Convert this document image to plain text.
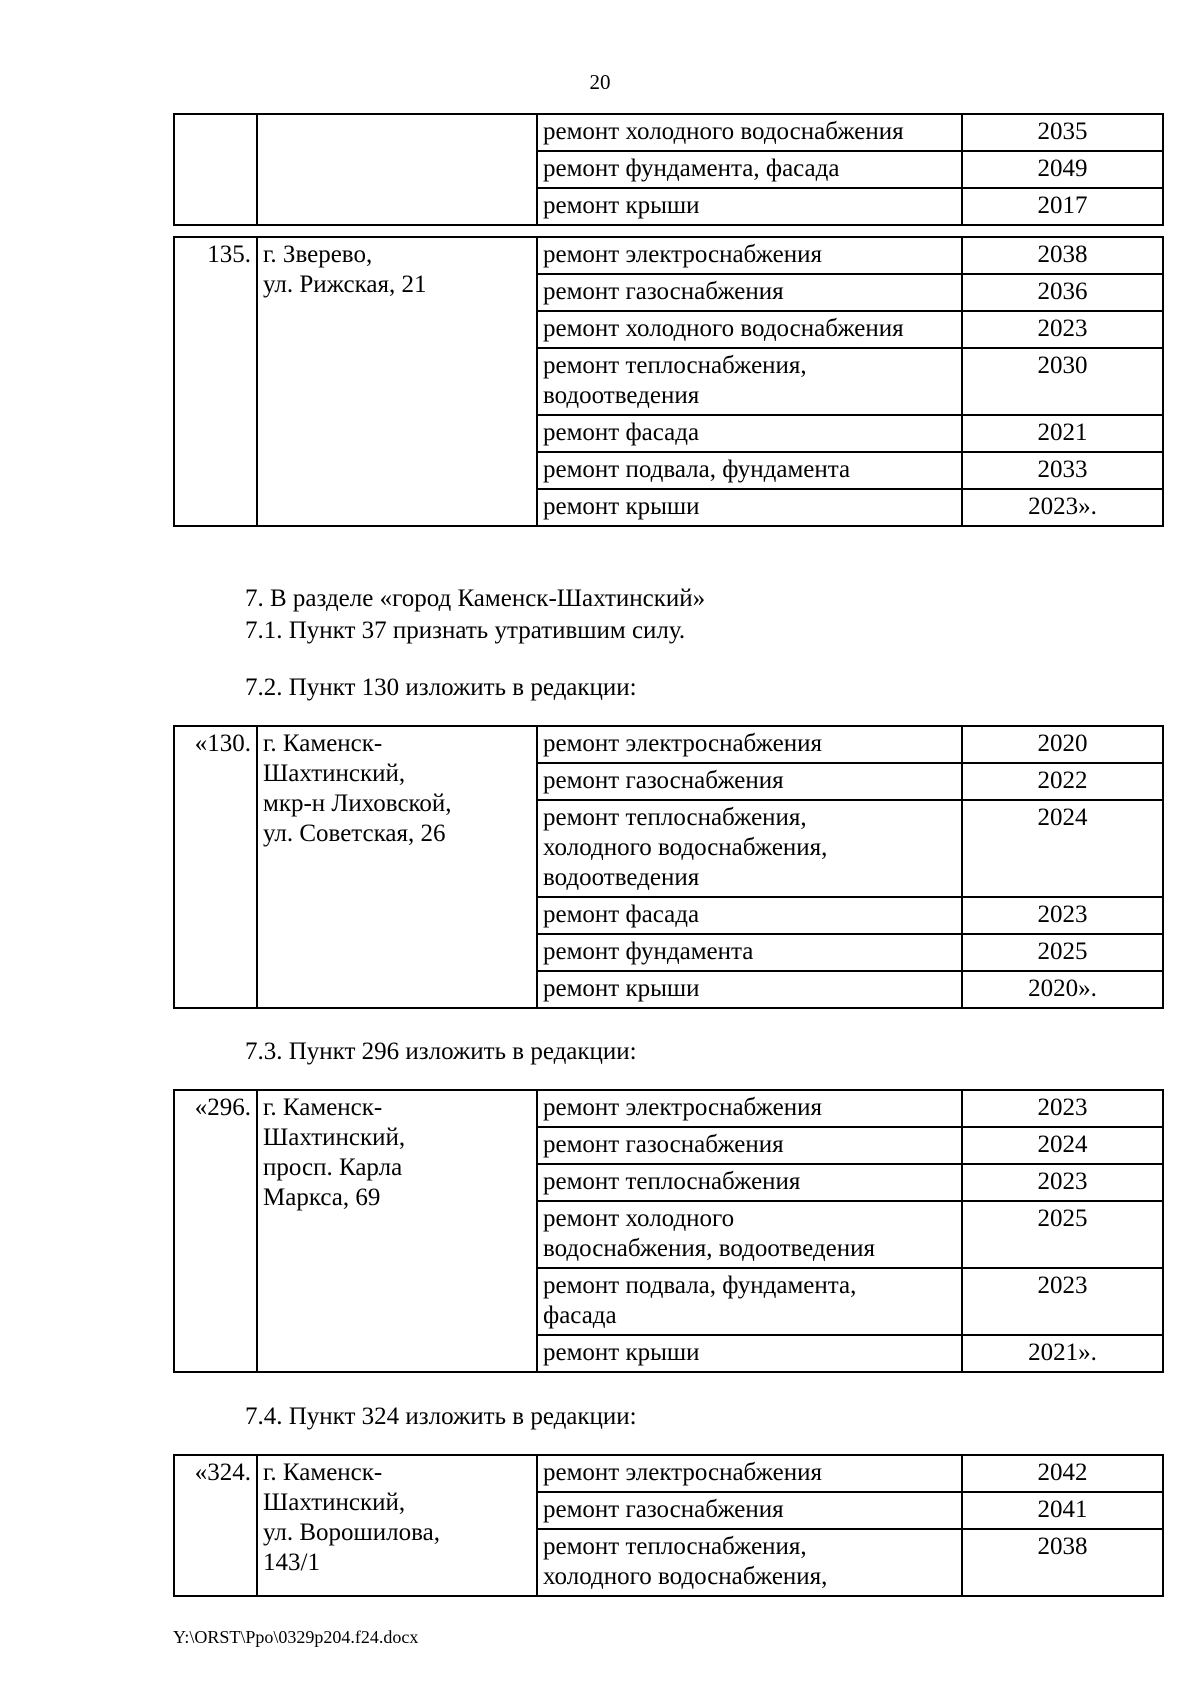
20
		ремонт холодного водоснабжения	2035
		ремонт фундамента, фасада	2049
		ремонт крыши	2017
135.	г. Зверево,
ул. Рижская, 21	ремонт электроснабжения	2038
		ремонт газоснабжения	2036
		ремонт холодного водоснабжения	2023
		ремонт теплоснабжения,
водоотведения	2030
		ремонт фасада	2021
		ремонт подвала, фундамента	2033
		ремонт крыши	2023».
7. В разделе «город Каменск-Шахтинский»
7.1. Пункт 37 признать утратившим силу.
7.2. Пункт 130 изложить в редакции:
«130.	г. Каменск-
Шахтинский,
мкр-н Лиховской,
ул. Советская, 26	ремонт электроснабжения	2020
		ремонт газоснабжения	2022
		ремонт теплоснабжения,
холодного водоснабжения,
водоотведения	2024
		ремонт фасада	2023
		ремонт фундамента	2025
		ремонт крыши	2020».
7.3. Пункт 296 изложить в редакции:
«296.	г. Каменск-
Шахтинский,
просп. Карла
Маркса, 69	ремонт электроснабжения	2023
		ремонт газоснабжения	2024
		ремонт теплоснабжения	2023
		ремонт холодного
водоснабжения, водоотведения	2025
		ремонт подвала, фундамента,
фасада	2023
		ремонт крыши	2021».
7.4. Пункт 324 изложить в редакции:
«324.	г. Каменск-
Шахтинский,
ул. Ворошилова,
143/1	ремонт электроснабжения	2042
		ремонт газоснабжения	2041
		ремонт теплоснабжения,
холодного водоснабжения,	2038
Y:\ORST\Ppo\0329p204.f24.docx
